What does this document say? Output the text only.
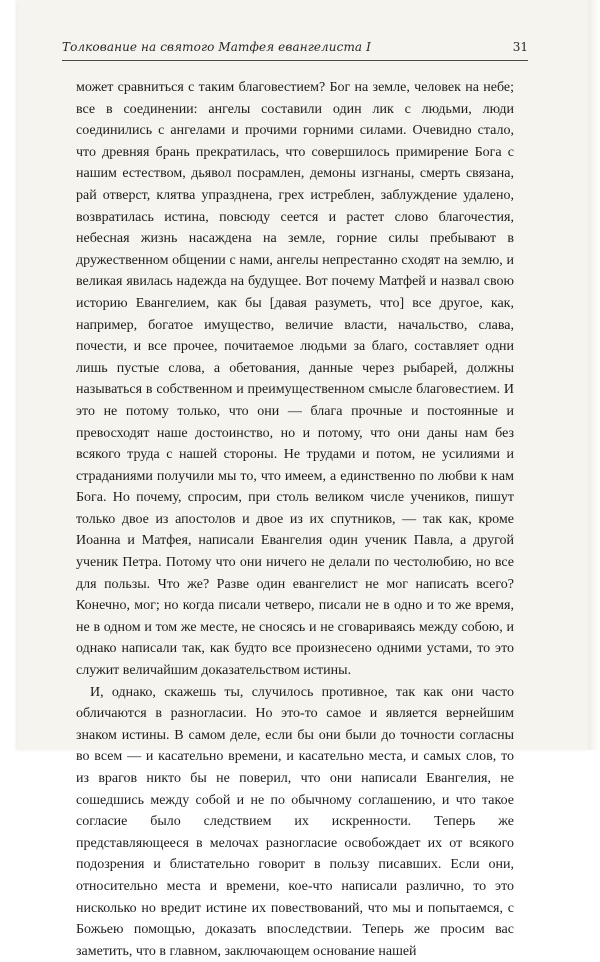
Толкование на святого Матфея евангелиста I	31

может сравниться с таким благовестием? Бог на земле, человек на небе; все в соединении: ангелы составили один лик с людьми, люди соединились с ангелами и прочими горними силами. Очевидно стало, что древняя брань прекратилась, что совершилось примирение Бога с нашим естеством, дьявол посрамлен, демоны изгнаны, смерть связана, рай отверст, клятва упразднена, грех истреблен, заблуждение удалено, возвратилась истина, повсюду сеется и растет слово благочестия, небесная жизнь насаждена на земле, горние силы пребывают в дружественном общении с нами, ангелы непрестанно сходят на землю, и великая явилась надежда на будущее. Вот почему Матфей и назвал свою историю Евангелием, как бы [давая разуметь, что] все другое, как, например, богатое имущество, величие власти, начальство, слава, почести, и все прочее, почитаемое людьми за благо, составляет одни лишь пустые слова, а обетования, данные через рыбарей, должны называться в собственном и преимущественном смысле благовестием. И это не потому только, что они — блага прочные и постоянные и превосходят наше достоинство, но и потому, что они даны нам без всякого труда с нашей стороны. Не трудами и потом, не усилиями и страданиями получили мы то, что имеем, а единственно по любви к нам Бога. Но почему, спросим, при столь великом числе учеников, пишут только двое из апостолов и двое из их спутников, — так как, кроме Иоанна и Матфея, написали Евангелия один ученик Павла, а другой ученик Петра. Потому что они ничего не делали по честолюбию, но все для пользы. Что же? Разве один евангелист не мог написать всего? Конечно, мог; но когда писали четверо, писали не в одно и то же время, не в одном и том же месте, не сносясь и не сговариваясь между собою, и однако написали так, как будто все произнесено одними устами, то это служит величайшим доказательством истины.

И, однако, скажешь ты, случилось противное, так как они часто обличаются в разногласии. Но это-то самое и является вернейшим знаком истины. В самом деле, если бы они были до точности согласны во всем — и касательно времени, и касательно места, и самых слов, то из врагов никто бы не поверил, что они написали Евангелия, не сошедшись между собой и не по обычному соглашению, и что такое согласие было следствием их искренности. Теперь же представляющееся в мелочах разногласие освобождает их от всякого подозрения и блистательно говорит в пользу писавших. Если они, относительно места и времени, кое-что написали различно, то это нисколько но вредит истине их повествований, что мы и попытаемся, с Божьею помощью, доказать впоследствии. Теперь же просим вас заметить, что в главном, заключающем основание нашей
